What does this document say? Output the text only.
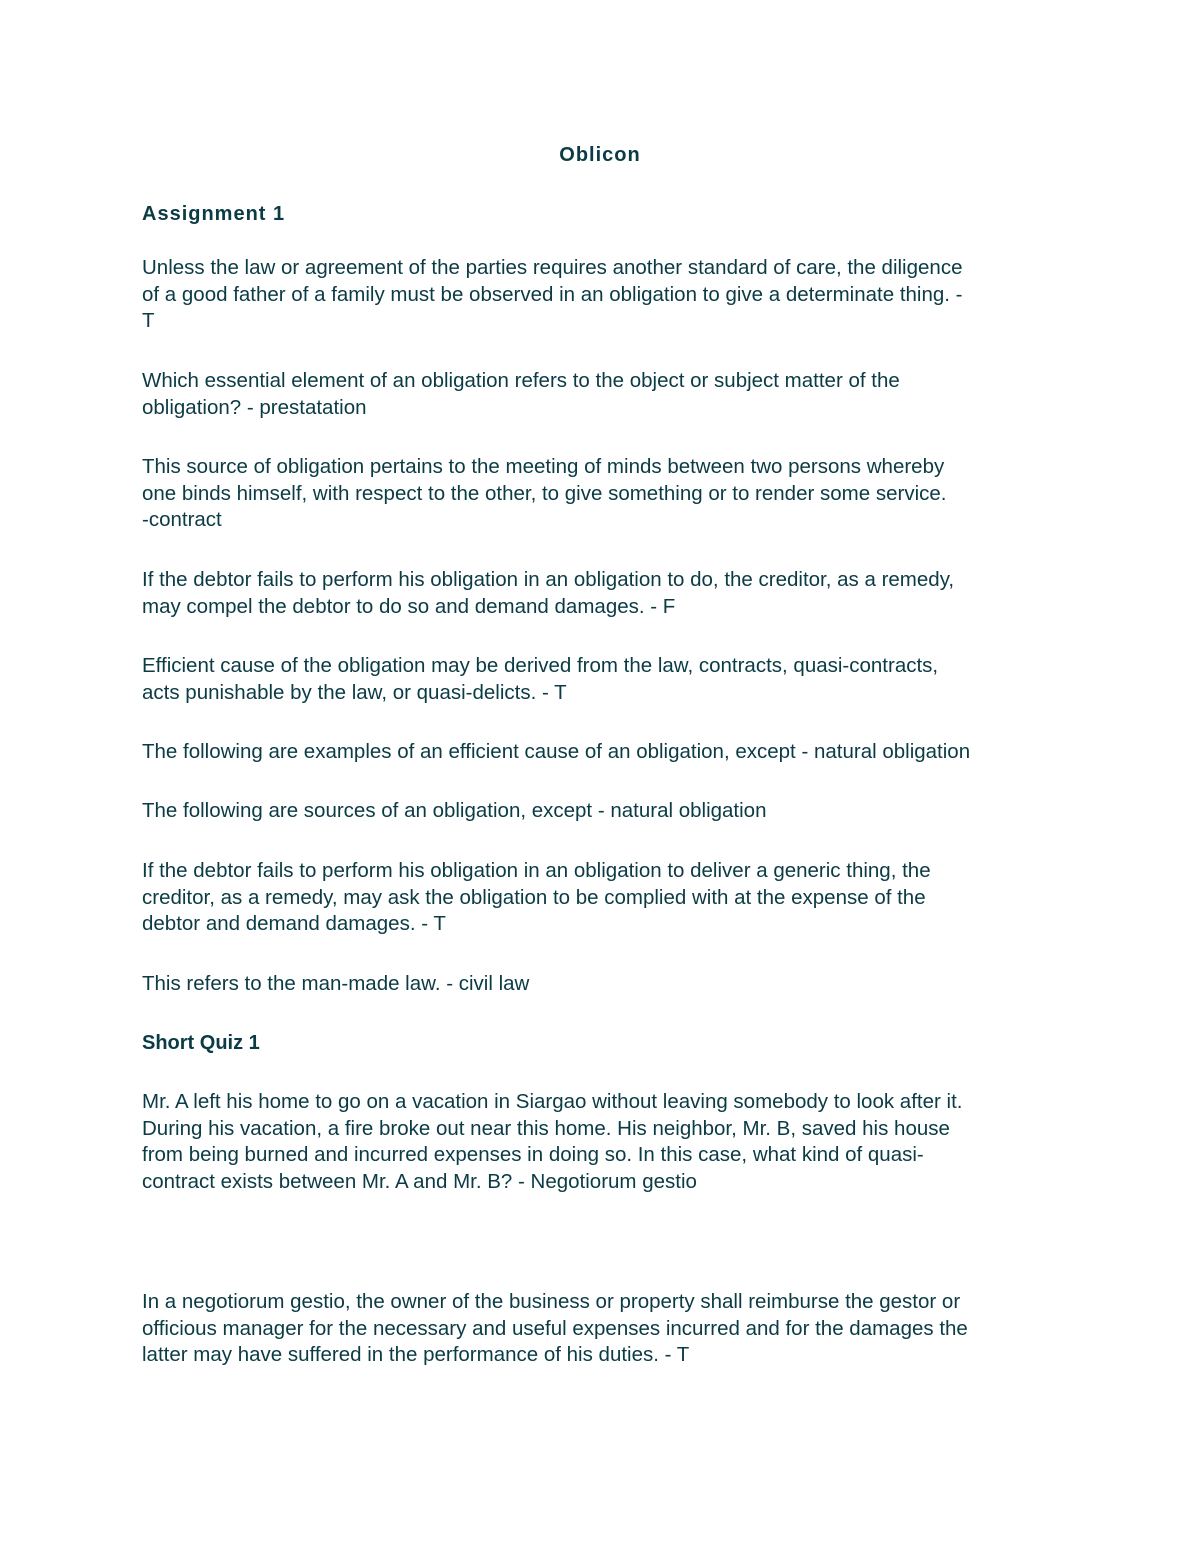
Oblicon
Assignment 1
Unless the law or agreement of the parties requires another standard of care, the diligence
of a good father of a family must be observed in an obligation to give a determinate thing. -
T
Which essential element of an obligation refers to the object or subject matter of the
obligation? - prestatation
This source of obligation pertains to the meeting of minds between two persons whereby
one binds himself, with respect to the other, to give something or to render some service.
-contract
If the debtor fails to perform his obligation in an obligation to do, the creditor, as a remedy,
may compel the debtor to do so and demand damages. - F
Efficient cause of the obligation may be derived from the law, contracts, quasi-contracts,
acts punishable by the law, or quasi-delicts. - T
The following are examples of an efficient cause of an obligation, except - natural obligation
The following are sources of an obligation, except - natural obligation
If the debtor fails to perform his obligation in an obligation to deliver a generic thing, the
creditor, as a remedy, may ask the obligation to be complied with at the expense of the
debtor and demand damages. - T
This refers to the man-made law. - civil law
Short Quiz 1
Mr. A left his home to go on a vacation in Siargao without leaving somebody to look after it.
During his vacation, a fire broke out near this home. His neighbor, Mr. B, saved his house
from being burned and incurred expenses in doing so. In this case, what kind of quasi-
contract exists between Mr. A and Mr. B? - Negotiorum gestio
In a negotiorum gestio, the owner of the business or property shall reimburse the gestor or
officious manager for the necessary and useful expenses incurred and for the damages the
latter may have suffered in the performance of his duties. - T
